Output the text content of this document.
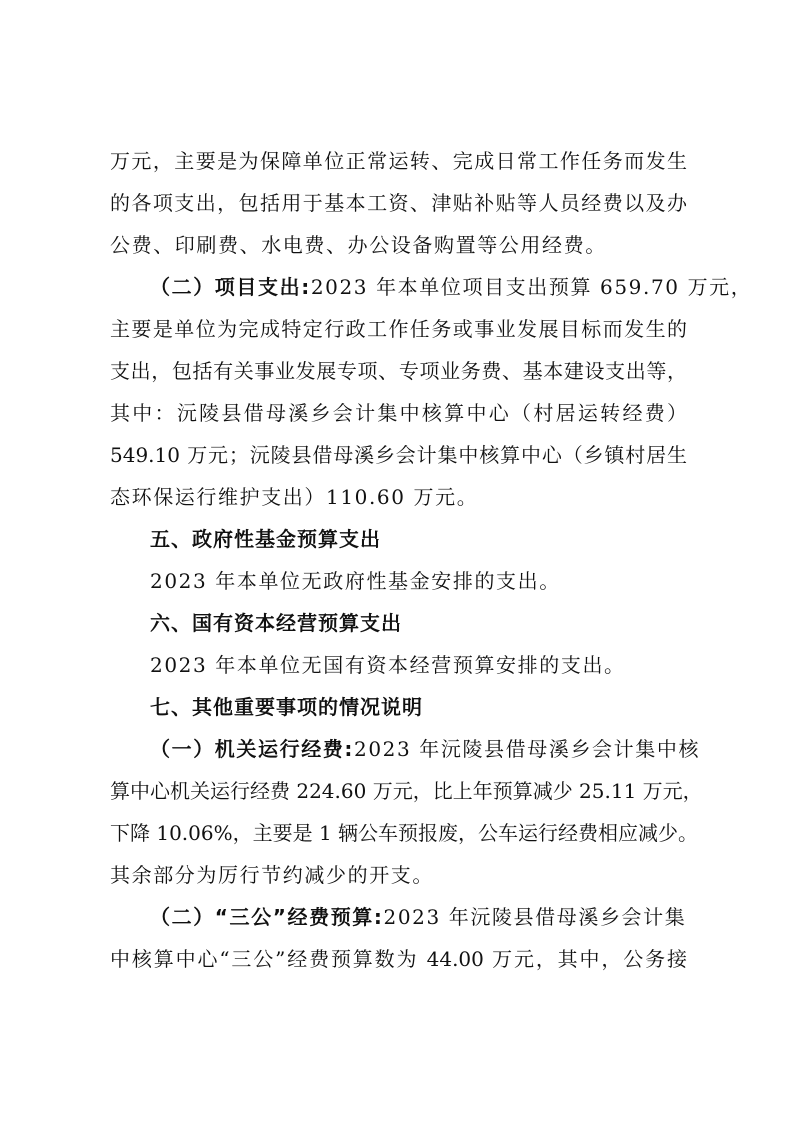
万元，主要是为保障单位正常运转、完成日常工作任务而发生
的各项支出，包括用于基本工资、津贴补贴等人员经费以及办
公费、印刷费、水电费、办公设备购置等公用经费。
（二）项目支出:2023 年本单位项目支出预算 659.70 万元，
主要是单位为完成特定行政工作任务或事业发展目标而发生的
支出，包括有关事业发展专项、专项业务费、基本建设支出等，
其中：沅陵县借母溪乡会计集中核算中心（村居运转经费）
549.10 万元；沅陵县借母溪乡会计集中核算中心（乡镇村居生
态环保运行维护支出）110.60 万元。
五、政府性基金预算支出
2023 年本单位无政府性基金安排的支出。
六、国有资本经营预算支出
2023 年本单位无国有资本经营预算安排的支出。
七、其他重要事项的情况说明
（一）机关运行经费:2023 年沅陵县借母溪乡会计集中核
算中心机关运行经费 224.60 万元，比上年预算减少 25.11 万元，
下降 10.06%，主要是 1 辆公车预报废，公车运行经费相应减少。
其余部分为厉行节约减少的开支。
（二）“三公”经费预算:2023 年沅陵县借母溪乡会计集
中核算中心“三公”经费预算数为 44.00 万元，其中，公务接
